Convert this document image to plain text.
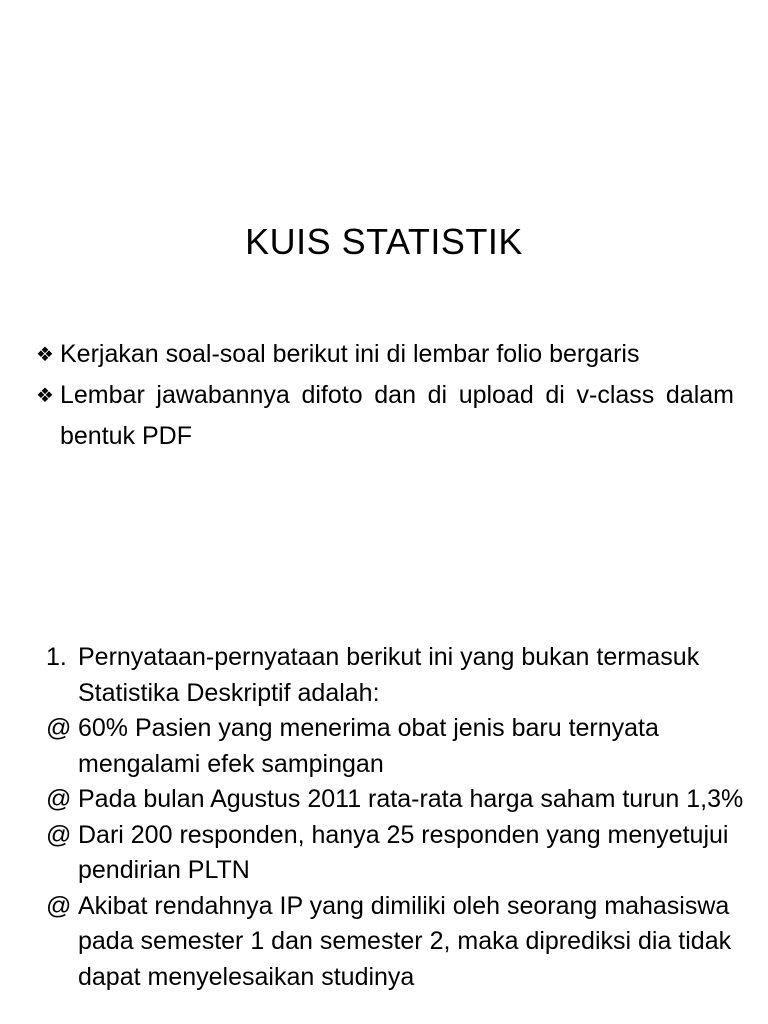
KUIS STATISTIK
❖ Kerjakan soal-soal berikut ini di lembar folio bergaris
❖ Lembar jawabannya difoto dan di upload di v-class dalam bentuk PDF
1. Pernyataan-pernyataan berikut ini yang bukan termasuk Statistika Deskriptif adalah:
@ 60% Pasien yang menerima obat jenis baru ternyata mengalami efek sampingan
@ Pada bulan Agustus 2011 rata-rata harga saham turun 1,3%
@ Dari 200 responden, hanya 25 responden yang menyetujui pendirian PLTN
@ Akibat rendahnya IP yang dimiliki oleh seorang mahasiswa pada semester 1 dan semester 2, maka diprediksi dia tidak dapat menyelesaikan studinya
